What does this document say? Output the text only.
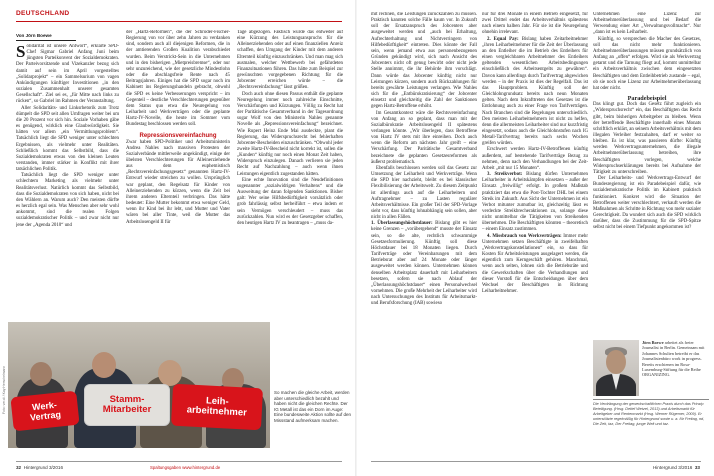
DEUTSCHLAND
Von Jörn Boewe

Solidarität ist unsere Antwort“, erklärte SPD-Chef Sigmar Gabriel Anfang Juni beim jüngsten Parteikonvent der Sozialdemokraten. Der Parteivorsitzende und Vizekanzler bezog sich damit auf sein im April vorgestelltes „Solidarprojekt“ – ein Sammelsurium von vagen Ankündigungen künftiger Investitionen „in den sozialen Zusammenhalt unserer gesamten Gesellschaft“. Ziel sei es, „für Mitte nach links zu rücken“, so Gabriel im Rahmen der Veranstaltung.

Aller Solidaritäts- und Linksrhetorik zum Trotz dümpelt die SPD seit allen Umfragen weiter bei um die 20 Prozent vor sich hin. Soziale Vorhaben gäbe es genügend, wirklich eine Glaubwürdigkeit. Sie hätten vor allem „ein Vermittlungsproblem“. Tatsächlich liegt die SPD weniger unter schlechten Ergebnissen, als vielmehr unter Realitäten. Schließlich kommt das Selbstbild, dass die Sozialdemokraten etwas von den kleinen Leuten verstanden, immer stärker in Konflikt mit ihrer tatsächlichen Politik.

Tatsächlich liegt die SPD weniger unter schlechtem Marketing als vielmehr unter Realitätsverlust. Natürlich kommt das Selbstbild, dass die Sozialdemokraten von sich haben, nicht bei den Wählern an. Warum auch? Den meisten dürfte es herzlich egal sein. Was Menschen aber sehr wohl ankommt, sind die realen Folgen sozialdemokratischer Politik – und zwar nicht nur jene der „Agenda 2010“ und

der „Hartz-Reformen“, die der Schröder-Fischer-Regierung von vor über zehn Jahren zu verdanken sind, sondern auch all diejenigen Reformen, die in der amtierenden Großen Koalition verabschiedet wurden. Beim Verstrickt-Sein in die Unternehmen und in den bisherigen „Mietpreisbremse“, oder nur sehr unzureichend, wie der gesetzliche Mindestlohn oder die abschlagsfreie Rente nach 45 Beitragsjahren. Einiges hat die SPD sogar noch im Kabinett ins Regierungshandeln gebracht, obwohl die SPD es keine Verbesserungen verspricht – im Gegenteil – deutliche Verschlechterungen gegenüber dem Status quo etwa die Neuregelung von Leiharbeit und Werkverträgen oder die geplante Hartz-IV-Novelle, die heute im Sommer vom Bundestag beschlossen werden soll.

Repressionsvereinfachung

Zwar haben SPD-Politiker und Arbeitsministerin Andrea Nahles nach massiven Protesten der Sozialverbände mittlerweile angekündigt, einige der übelsten Verschlechterungen für Alleinerziehende aus dem euphemistisch „Rechtsvereinfachungsgesetz“ genannten Hartz-IV-Entwurf wieder streichen zu wollen. Ursprünglich war geplant, den Regelsatz für Kinder von Alleinerziehenden zu kürzen, wenn die Zeit bei ihrem anderen Elternteil verbringen. Das hätte bedeutet: Eine Mutter bekommt etwa weniger Geld, wenn ihr Kind bei ihr lebt, und Mutter und Vater wären bei aller Tinte, weil die Mutter das Arbeitslosengeld II für

Tage abgezogen. Faktisch würde das entweder auf eine Kürzung des Leistungsanspruchs für die Alleinerziehenden oder auf einen finanziellen Anreiz schaffen, den Umgang der Kinder mit dem anderen Elternteil künftig einzuschränken. Und man mag sich ausmalen, welcher Wettbewerb bei gefährdeten Finanzsituationen führen. Das hätte zum Beispiel zur gewünschten vorgegebenen Richtung für die Jobcenter erreichen würde – die „Rechtsvereinfachung“ lässt grüßen.

Doch auch ohne diesen Passus enthält die geplante Neuregelung immer noch zahlreiche Einschnitte, Verschärfungen und Kürzungen. Völlig zu Recht hat der Paritätische Gesamtverband in der Tagesordnung sogar Wolf von den Ministerin Nahles genannte Novelle als „Repressionsvereinfachung“ bezeichnet. Wie Rupert Heinz Ende Mai ausdeckte, plant die Regierung, das Widerspruchsrecht bei fehlerhaften Jobcenter-Bescheiden einzuschränken. “Obwohl jeder zweite Hartz-IV-Bescheid nicht korrekt ist, sollen die „Kunden“ künftig nur noch einen Monat Zeit haben, Widerspruch einzulegen. Danach verlieren sie jeden Recht auf Nachzahlung – auch wenn ihnen Leistungen eigentlich zugestanden hätten.

Eine echte Innovation sind die Neudefinitionen sogenannter „sozialwidrigen Verhaltens“ und die Ausweitung der daran folgenden Sanktionen. Bisher galt: Wer seine Hilfsbedürftigkeit vorsätzlich oder grob fahrlässig selbst herbeiführt – etwa indem er sein Vermögen verschleudert – muss das zurückzahlen. Nun wird es der Gesetzgeber schaffen, den heutigen Hartz IV zu beantragen – „muss da-

Werk-
Vertrag
Stamm-
Mitarbeiter
Leih-
arbeitnehmer
Foto: ver.di / Kay Herschelmann	So machen die gleiche Arbeit, werden aber unterschiedlich bezahlt und haben nicht die gleichen Rechte. Der IG Metall ist das ein Dorn im Auge: Eine bundesweite Aktion sollte auf den Missstand aufmerksam machen.
32 Hintergrund 3/2016	Spaltungsgaben www.hintergrund.de

mit rechnen, die Leistungen zurückzahlen zu müssen. Praktisch kannten solche Fälle kaum vor. In Zukunft soll der Ersatzanspruch des Jobcenters aber ausgeweitet werden und „auch bei Erhaltung, Aufrechterhaltung und Nichtverringern von Hilfebedürftigkeit“ eintreten. Dies könnte der Fall sein, wenn jemand etwa aus personenbezogenen Gründen gekündigt wird, sich nach Ansicht des Jobcenters nicht oft genug bewirbt oder nicht jede Stelle annimmt, die ihr Behörde ihm vorschlägt. Dann würde das Jobcenter künftig nicht nur Leistungen kürzen, sondern auch Rückzahlungen für bereits gewährte Leistungen verlangen. Wie Nahles sich für die „Entbürokratisierung“ der Jobcenter einsetzt und gleichzeitig die Zahl der Sanktionen gegen Hartz-Betroffene erhöht.

Im Gesamtkontext wäre die Rechtsvereinfachung von Anfang an so geplant, dass man mit der Sozialbürokratie Arbeitslosengeld II spätestens verlangen könnte. „Wir überlegen, dass Betroffene von Hartz IV stets mit ihre einreihen. Doch auch wenn die Reform am nächsten Jahr greift – eine Verschärfung. Der Paritätische Gesamtverband bezeichnete die geplanten Gesetzesreformen als äußerst problematisch.

Ebenfalls beschlossen werden soll das Gesetz zur Umsetzung der Leiharbeit und Werkverträge. Wenn die SPD hier nachzieht, bleibt es bei klassischer Flexibilisierung der Arbeitswelt. Zu diesem Zeitpunkt ist allerdings auch auf die Leiharbeitern und Auftragnehmer – zu Lasten regulärer Arbeitsverhältnisse. Ein großer Teil der SPD-Vorlage sieht vor, dass künftig lohnabhängig sein sollen, aber nicht in allen Fällen.

1. Überlassungshöchstdauer: Bislang gibt es hier keine Grenzen – „vorübergehend“ musste der Einsatz sein, so die alte, rechtlich schwammige Gesetzesformulierung. Künftig soll diese Höchstdauer bei 18 Monaten liegen. Durch Tarifverträge oder Vereinbarungen mit dem Betriebsrat aber auf 24 Monate oder länger ausgeweitet werden können. Unternehmen können denselben Arbeitsplatz dauerhaft mit Leiharbeitern besetzen, sofern sie nach Ablauf der „Überlassungshöchstdauer“ einen Personalwechsel vornehmen. Die große Mehrheit der Leiharbeiter wird nach Untersuchungen des Instituts für Arbeitsmarkt- und Berufsforschung (IAB) sowieso

nur für drei Monate in einem Betrieb eingesetzt, für zwei Drittel endet das Arbeitsverhältnis spätestens nach einem halben Jahr. Für sie ist die Neuregelung ohnehin irrelevant.

2. Equal Pay: Bislang haben Zeitarbeitnehmer „ihren Leiharbeitnehmer für die Zeit der Überlassung an den Entleiher die im Betrieb des Entleihers für einen vergleichbaren Arbeitnehmer des Entleihers geltenden wesentlichen Arbeitsbedingungen einschließlich des Arbeitsentgelts zu gewähren“. Davon kann allerdings durch Tarifvertrag abgewichen werden – in der Praxis ist dies der Regelfall. Das ist das Hauptproblem. Künftig soll der Gleichlohngrundsatz bereits nach neun Monaten gelten. Nach dem Inkrafttreten des Gesetzes ist die Entlohnung auch zu einer Frage von Tarifverträgen. Nach Branchen sind die Regelungen unterschiedlich. Den meisten Leiharbeitnehmern ist nicht zu helfen, denn die allermeisten Leiharbeiter sind nur kurzfristig eingesetzt, sodass auch die Gleichlohnstufen nach IG Metall-Tarifvertrag bereits nach sechs Wochen greifen würden.

Erschwert werden Hartz-IV-Betroffenen künftig außerdem, auf bestehende Tarifverträge Bezug zu nehmen, denn nach den Verhandlungen bei der Zeit-Arbeit „mit nur 15 Monaten“.

3. Streikverbot: Bislang dürfen Unternehmen Leiharbeiter in Arbeitskämpfen einsetzen – außer der Einsatz „freiwillig“ erfolgt. In großem Maßstab praktiziert das etwa die Post-Tochter DHL bei einem Streik im Zukunft. Aus Sicht der Unternehmen ist ein Verbot mitunter zumutbar ist, gleichzeitig lässt es verdeckte Streikbrecheraktionen zu, solange diese nicht unmittelbar die Tätigkeiten von Streikenden übernehmen. Die Beschäftigten könnten – theoretisch – einem Einsatz zustimmen.

4. Missbrauch von Werkverträgen: Immer mehr Unternehmen setzen Beschäftigte in zweifelhaften „Werkvertragskonstellationen“ ein, so dass für Kosten für Arbeitsleistungen ausgelagert werden, die eigentlich zum Kerngeschäft gehören. Manchmal, wenn auch selten, lohnen sich die Betriebsräte und die Gewerkschaften über die Verhandlungen und dieser Vorstoß für die Entscheidungen über dem Wechsel der Beschäftigten in Richtung Leiharbeitnehmer.

Unternehmen eine Lizenz zur Arbeitnehmerüberlassung und bei Bedarf die Verwendung einer Art „Verwaltungsvollmacht“. Nur „dann ist es kein Leiharbeit.

Künftig, so versprechen die Macher des Gesetzes, soll das nicht mehr funktionieren. Arbeitnehmerüberlassungen müssen grundsätzlich von Anfang an „offen“ erfolgen. Wird sie als Werkvertrag getarnt und die Tarnung fliegt auf, kommt unmittelbar ein Arbeitsverhältnis zwischen dem eingesetzten Beschäftigten und dem Entleihbetrieb zustande – egal, ob sie noch eine Lizenz zur Arbeitnehmerüberlassung hat oder nicht.

Paradebeispiel

Das klingt gut. Doch das Gesetz führt zugleich ein „Widerspruchsrecht“ ein, das Beschäftigten das Recht gibt, beim bisherigen Arbeitgeber zu bleiben. Wenn der betreffende Beschäftigte innerhalb eines Monats schriftlich erklärt, an seinem Arbeitsverhältnis mit dem illegalen Verleiher festzuhalten, darf er weiter so bleiben. Es ist klar, was passieren dürfte: Künftig werden Werkvertragsunternehmen, die illegale Arbeitnehmerüberlassung betreiben, ihre Beschäftigten vorlegen, welche Widerspruchserklärungen bereits bei Aufnahme der Tätigkeit zu unterschreiben.

Der Leiharbeits- und Werkvertrags-Entwurf der Bundesregierung ist ein Paradebeispiel dafür, wie sozialdemokratische Politik im Kabinett praktisch funktioniert. Konkret wird die Situation der Betroffenen weiter verschlechtert, verkauft werden die Maßnahmen als Schritte in Richtung von mehr sozialer Gerechtigkeit. Da wundert sich auch die SPD wirklich darüber, dass die Zustimmung für die SPD-Spitze selbst nicht bei einem Tiefpunkt angekommen ist?

Jörn Boewe arbeitet als freier Journalist in Berlin. Gemeinsam mit Johannes Schulten betreibt er das Journalistenbüro work in progress. Bereits erschienen im Rosa-Luxemburg-Stiftung für die Reihe ORGANIZING.
Die Verdrängung der gewerkschaftlichen Praxis durch das Prinzip Beteiligung. (Hrsg. Detlef Wetzel, 2013) und Arbeitsmarkt für Arbeitgeber und Rentenmarkt (Hrsg. Werner Rügemer, 2009). Er unterstützte regelmäßig für Hintergrund sowie u. a. für Freitag, nd, Die Zeit, taz, Der Freitag, junge Welt und taz.
Hintergrund 3/2016 33
